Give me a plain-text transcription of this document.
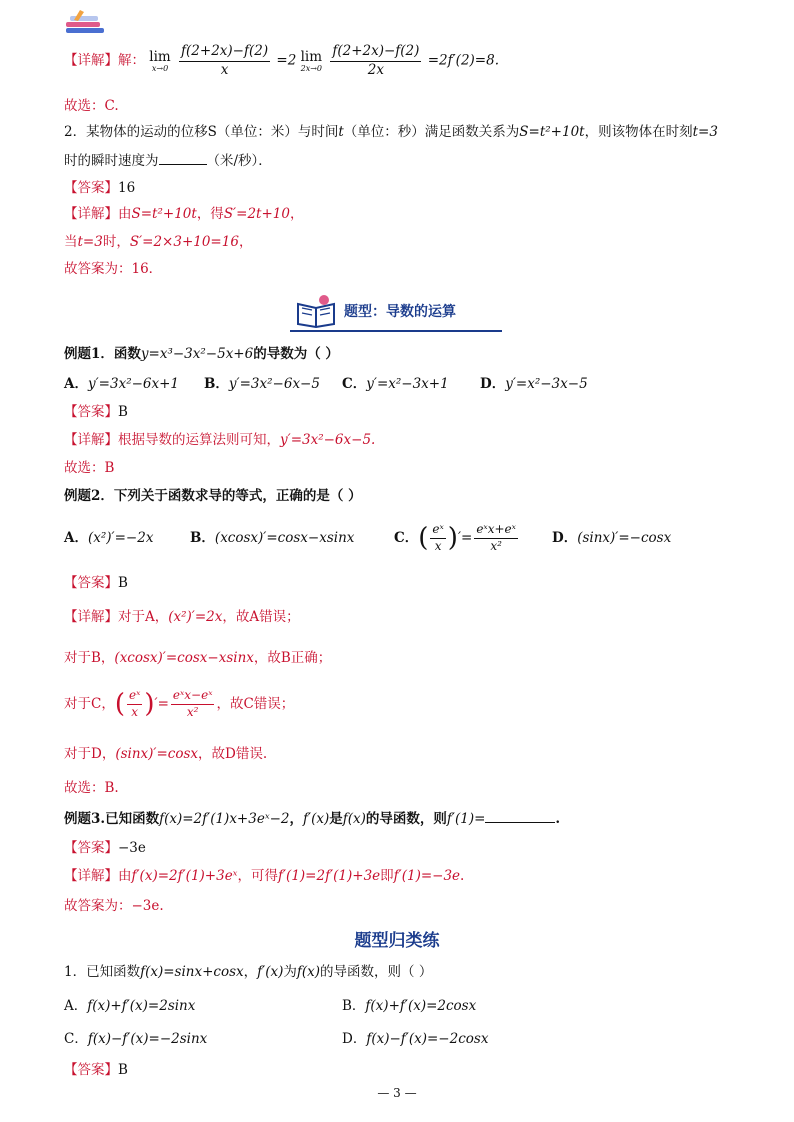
【详解】解： lim
x→0
$\frac{f(2+2x)-f(2)}{x} =2$ lim
2x→0
$\frac{f(2+2x)-f(2)}{2x} =2f'(2)=8$.
故选：C.
2．某物体的运动的位移S（单位：米）与时间t（单位：秒）满足函数关系为S=t²+10t，则该物体在时刻t=3
时的瞬时速度为	（米/秒）．
【答案】16
【详解】由S=t²+10t，得S′=2t+10，
当t=3时，S′=2×3+10=16，
故答案为：16．
题型：导数的运算
例题1．函数y=x³−3x²−5x+6的导数为（ ）
A．y′=3x²−6x+1 B．y′=3x²−6x−5 C．y′=x²−3x+1 D．y′=x²−3x−5
【答案】B
【详解】根据导数的运算法则可知，y′=3x²−6x−5.
故选：B
例题2．下列关于函数求导的等式，正确的是（ ）
A．(x²)′=−2x	B．(xcosx)′=cosx−xsinx	C．( $\frac{\text{eˣ}}{x}$ )′= $\frac{\text{eˣx+eˣ}}{\text{x²}}$	D．(sinx)′=−cosx
【答案】B
【详解】对于A，(x²)′=2x，故A错误；
对于B，(xcosx)′=cosx−xsinx，故B正确；
对于C，( $\frac{\text{eˣ}}{x}$ )′= $\frac{\text{eˣx−eˣ}}{\text{x²}}$ ，故C错误；
对于D，(sinx)′=cosx，故D错误.
故选：B.
例题3.已知函数f(x)=2f′(1)x+3eˣ−2，f′(x)是f(x)的导函数，则f′(1)=	.
【答案】−3e
【详解】由f′(x)=2f′(1)+3eˣ，可得f′(1)=2f′(1)+3e即f′(1)=−3e.
故答案为：−3e.
题型归类练
1．已知函数f(x)=sinx+cosx，f′(x)为f(x)的导函数，则（ ）
A．f(x)+f′(x)=2sinx	B．f(x)+f′(x)=2cosx
C．f(x)−f′(x)=−2sinx	D．f(x)−f′(x)=−2cosx
【答案】B
— 3 —
